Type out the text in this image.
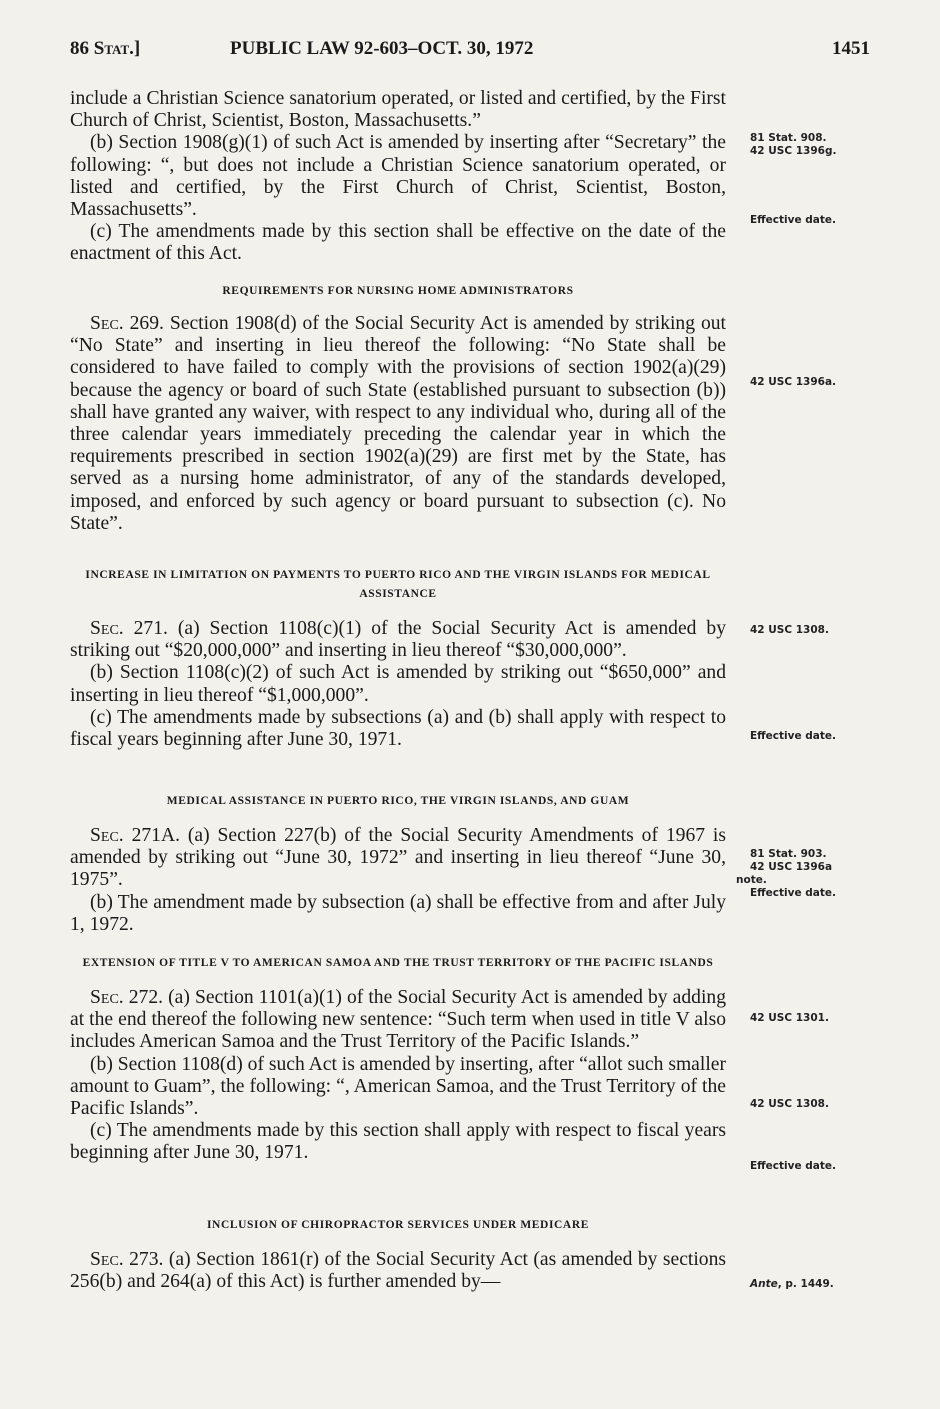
86 Stat.]	PUBLIC LAW 92-603–OCT. 30, 1972	1451

include a Christian Science sanatorium operated, or listed and certified, by the First Church of Christ, Scientist, Boston, Massachusetts.”

(b) Section 1908(g)(1) of such Act is amended by inserting after “Secretary” the following: “, but does not include a Christian Science sanatorium operated, or listed and certified, by the First Church of Christ, Scientist, Boston, Massachusetts”.

(c) The amendments made by this section shall be effective on the date of the enactment of this Act.

REQUIREMENTS FOR NURSING HOME ADMINISTRATORS

Sec. 269. Section 1908(d) of the Social Security Act is amended by striking out “No State” and inserting in lieu thereof the following: “No State shall be considered to have failed to comply with the provisions of section 1902(a)(29) because the agency or board of such State (established pursuant to subsection (b)) shall have granted any waiver, with respect to any individual who, during all of the three calendar years immediately preceding the calendar year in which the requirements prescribed in section 1902(a)(29) are first met by the State, has served as a nursing home administrator, of any of the standards developed, imposed, and enforced by such agency or board pursuant to subsection (c). No State”.

INCREASE IN LIMITATION ON PAYMENTS TO PUERTO RICO AND THE VIRGIN ISLANDS FOR MEDICAL ASSISTANCE

Sec. 271. (a) Section 1108(c)(1) of the Social Security Act is amended by striking out “$20,000,000” and inserting in lieu thereof “$30,000,000”.

(b) Section 1108(c)(2) of such Act is amended by striking out “$650,000” and inserting in lieu thereof “$1,000,000”.

(c) The amendments made by subsections (a) and (b) shall apply with respect to fiscal years beginning after June 30, 1971.

MEDICAL ASSISTANCE IN PUERTO RICO, THE VIRGIN ISLANDS, AND GUAM

Sec. 271A. (a) Section 227(b) of the Social Security Amendments of 1967 is amended by striking out “June 30, 1972” and inserting in lieu thereof “June 30, 1975”.

(b) The amendment made by subsection (a) shall be effective from and after July 1, 1972.

EXTENSION OF TITLE V TO AMERICAN SAMOA AND THE TRUST TERRITORY OF THE PACIFIC ISLANDS

Sec. 272. (a) Section 1101(a)(1) of the Social Security Act is amended by adding at the end thereof the following new sentence: “Such term when used in title V also includes American Samoa and the Trust Territory of the Pacific Islands.”

(b) Section 1108(d) of such Act is amended by inserting, after “allot such smaller amount to Guam”, the following: “, American Samoa, and the Trust Territory of the Pacific Islands”.

(c) The amendments made by this section shall apply with respect to fiscal years beginning after June 30, 1971.

INCLUSION OF CHIROPRACTOR SERVICES UNDER MEDICARE

Sec. 273. (a) Section 1861(r) of the Social Security Act (as amended by sections 256(b) and 264(a) of this Act) is further amended by—

81 Stat. 908.
42 USC 1396g.
Effective date.
42 USC 1396a.
42 USC 1308.
Effective date.
81 Stat. 903.
42 USC 1396a
note.
Effective date.
42 USC 1301.
42 USC 1308.
Effective date.
Ante, p. 1449.
